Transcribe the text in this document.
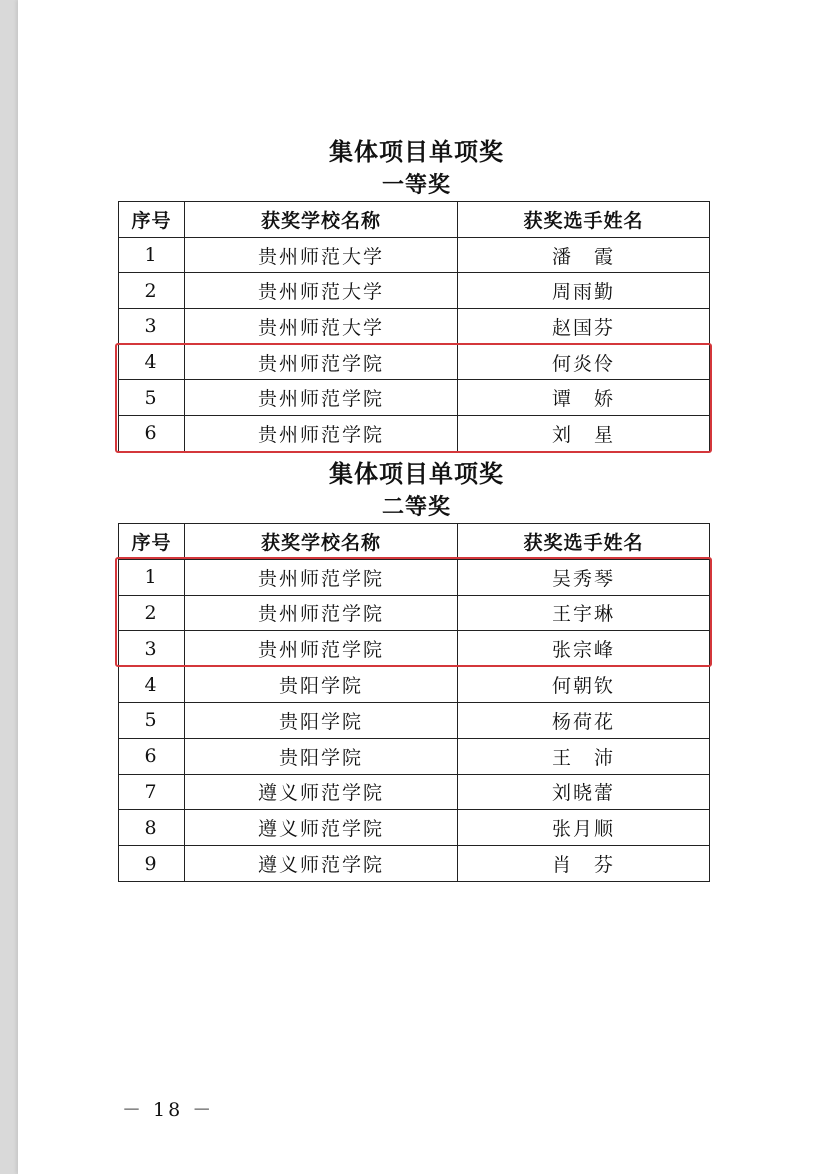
集体项目单项奖
一等奖
序号	获奖学校名称	获奖选手姓名
1	贵州师范大学	潘　霞
2	贵州师范大学	周雨勤
3	贵州师范大学	赵国芬
4	贵州师范学院	何炎伶
5	贵州师范学院	谭　娇
6	贵州师范学院	刘　星
集体项目单项奖
二等奖
序号	获奖学校名称	获奖选手姓名
1	贵州师范学院	吴秀琴
2	贵州师范学院	王宇琳
3	贵州师范学院	张宗峰
4	贵阳学院	何朝钦
5	贵阳学院	杨荷花
6	贵阳学院	王　沛
7	遵义师范学院	刘晓蕾
8	遵义师范学院	张月顺
9	遵义师范学院	肖　芬
－ 18 －
